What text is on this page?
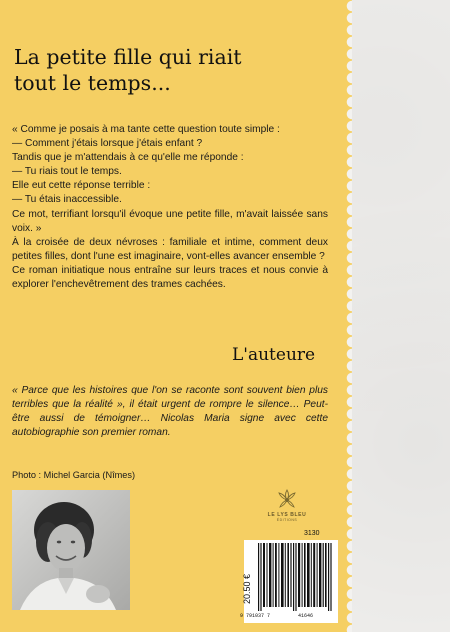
La petite fille qui riait
tout le temps...

« Comme je posais à ma tante cette question toute simple :

— Comment j'étais lorsque j'étais enfant ?

Tandis que je m'attendais à ce qu'elle me réponde :

— Tu riais tout le temps.

Elle eut cette réponse terrible :

— Tu étais inaccessible.

Ce mot, terrifiant lorsqu'il évoque une petite fille, m'avait laissée sans voix. »

À la croisée de deux névroses : familiale et intime, comment deux petites filles, dont l'une est imaginaire, vont-elles avancer ensemble ?

Ce roman initiatique nous entraîne sur leurs traces et nous convie à explorer l'enchevêtrement des trames cachées.

L'auteure

« Parce que les histoires que l'on se raconte sont souvent bien plus terribles que la réalité », il était urgent de rompre le silence… Peut-être aussi de témoigner… Nicolas Maria signe avec cette autobiographie son premier roman.

Photo : Michel Garcia (Nîmes)
LE LYS BLEU
ÉDITIONS
3130
20.50 €
9 791037 7	41646
